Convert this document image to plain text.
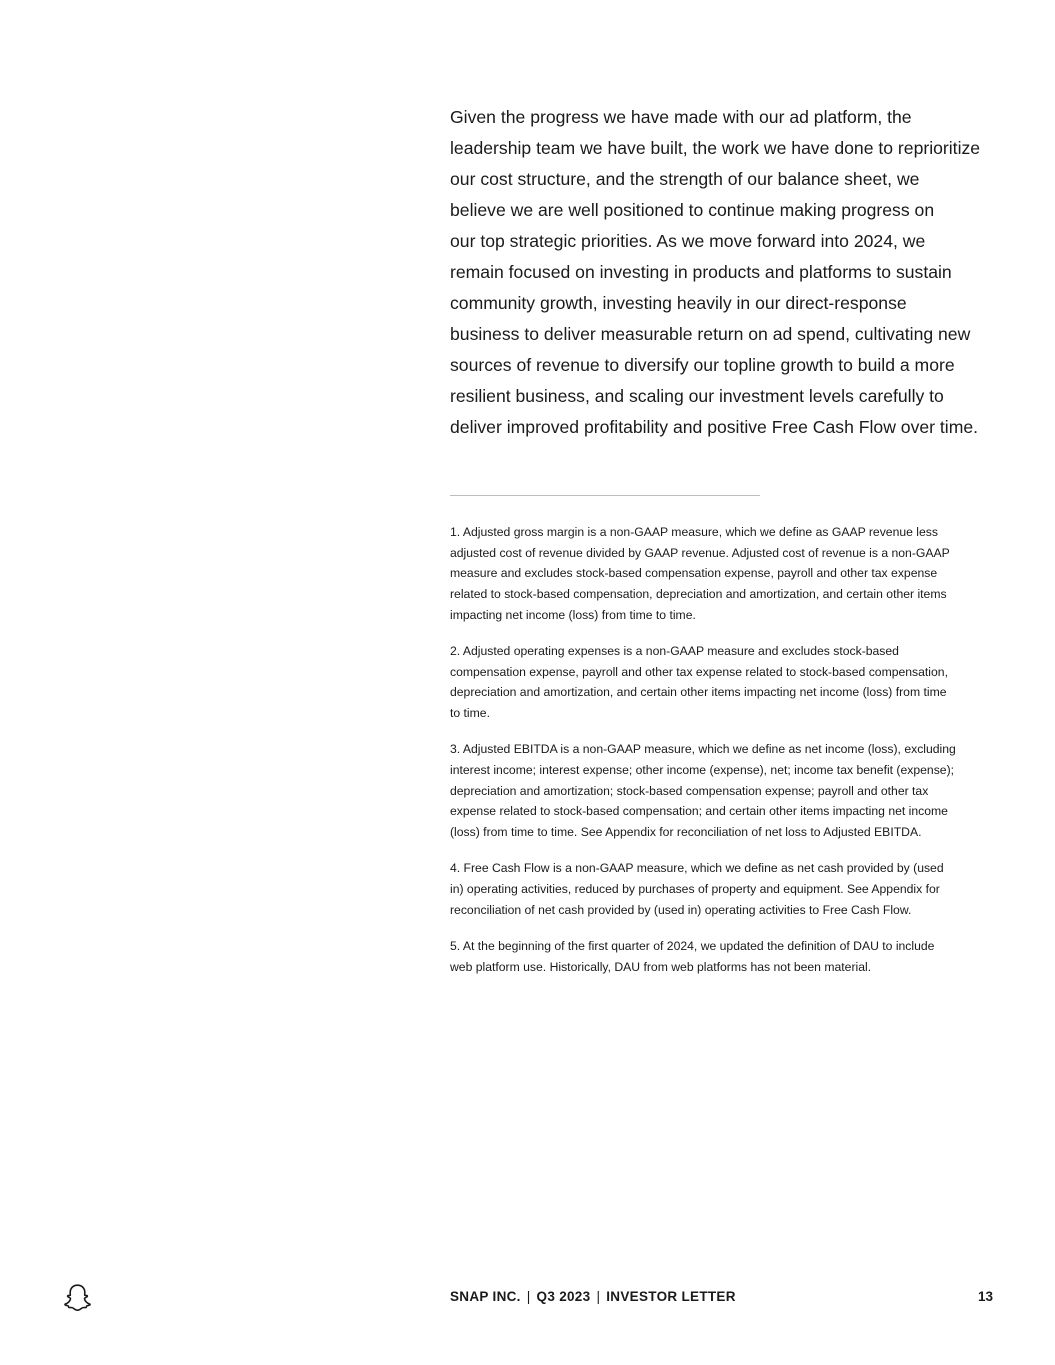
Given the progress we have made with our ad platform, the
leadership team we have built, the work we have done to reprioritize
our cost structure, and the strength of our balance sheet, we
believe we are well positioned to continue making progress on
our top strategic priorities. As we move forward into 2024, we
remain focused on investing in products and platforms to sustain
community growth, investing heavily in our direct-response
business to deliver measurable return on ad spend, cultivating new
sources of revenue to diversify our topline growth to build a more
resilient business, and scaling our investment levels carefully to
deliver improved profitability and positive Free Cash Flow over time.

1. Adjusted gross margin is a non-GAAP measure, which we define as GAAP revenue less
adjusted cost of revenue divided by GAAP revenue. Adjusted cost of revenue is a non-GAAP
measure and excludes stock-based compensation expense, payroll and other tax expense
related to stock-based compensation, depreciation and amortization, and certain other items
impacting net income (loss) from time to time.

2. Adjusted operating expenses is a non-GAAP measure and excludes stock-based
compensation expense, payroll and other tax expense related to stock-based compensation,
depreciation and amortization, and certain other items impacting net income (loss) from time
to time.

3. Adjusted EBITDA is a non-GAAP measure, which we define as net income (loss), excluding
interest income; interest expense; other income (expense), net; income tax benefit (expense);
depreciation and amortization; stock-based compensation expense; payroll and other tax
expense related to stock-based compensation; and certain other items impacting net income
(loss) from time to time. See Appendix for reconciliation of net loss to Adjusted EBITDA.

4. Free Cash Flow is a non-GAAP measure, which we define as net cash provided by (used
in) operating activities, reduced by purchases of property and equipment. See Appendix for
reconciliation of net cash provided by (used in) operating activities to Free Cash Flow.

5. At the beginning of the first quarter of 2024, we updated the definition of DAU to include
web platform use. Historically, DAU from web platforms has not been material.

SNAP INC. | Q3 2023 | INVESTOR LETTER	13
